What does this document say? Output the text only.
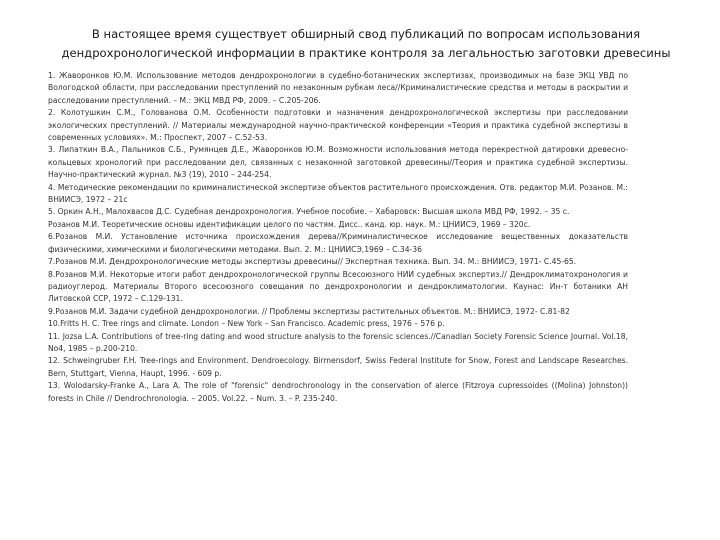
В настоящее время существует обширный свод публикаций по вопросам использования
дендрохронологической информации в практике контроля за легальностью заготовки древесины

1. Жаворонков Ю.М. Использование методов дендрохронологии в судебно-ботанических экспертизах, производимых на базе ЭКЦ УВД по Вологодской области, при расследовании преступлений по незаконным рубкам леса//Криминалистические средства и методы в раскрытии и расследовании преступлений. – М.: ЭКЦ МВД РФ, 2009. – С.205-206.

2. Колотушкин С.М., Голованова О.М. Особенности подготовки и назначения дендрохронологической экспертизы при расследовании экологических преступлений. // Материалы международной научно-практической конференции «Теория и практика судебной экспертизы в современных условиях». М.: Проспект, 2007 – С.52-53.

3. Липаткин В.А., Пальников С.Б., Румянцев Д.Е., Жаворонков Ю.М. Возможности использования метода перекрестной датировки древесно-кольцевых хронологий при расследовании дел, связанных с незаконной заготовкой древесины//Теория и практика судебной экспертизы. Научно-практический журнал. №3 (19), 2010 – 244-254.

4. Методические рекомендации по криминалистической экспертизе объектов растительного происхождения. Отв. редактор М.И. Розанов. М.: ВНИИСЭ, 1972 – 21с

5. Оркин А.Н., Малохвасов Д.С. Судебная дендрохронология. Учебное пособие. – Хабаровск: Высшая школа МВД РФ, 1992. – 35 с.

Розанов М.И. Теоретические основы идентификации целого по частям. Дисс.. канд. юр. наук. М.: ЦНИИСЭ, 1969 – 320с.

6.Розанов М.И. Установление источника происхождения дерева//Криминалистическое исследование вещественных доказательств физическими, химическими и биологическими методами. Вып. 2. М.: ЦНИИСЭ,1969 – С.34-36

7.Розанов М.И. Дендрохронологические методы экспертизы древесины// Экспертная техника. Вып. 34. М.: ВНИИСЭ, 1971- С.45-65.

8.Розанов М.И. Некоторые итоги работ дендрохронологической группы Всесоюзного НИИ судебных экспертиз.// Дендроклиматохронология и радиоуглерод. Материалы Второго всесоюзного совещания по дендрохронологии и дендроклиматологии. Каунас: Ин-т ботаники АН Литовской ССР, 1972 – С.129-131.

9.Розанов М.И. Задачи судебной дендрохронологии. // Проблемы экспертизы растительных объектов. М.: ВНИИСЭ, 1972- С.81-82

10.Fritts H. C. Tree rings and climate. London – New York – San Francisco. Academic press, 1976 – 576 p.

11. Jozsa L.A. Contributions of tree-ring dating and wood structure analysis to the forensic sciences.//Canadian Society Forensic Science Journal. Vol.18, No4, 1985 – p.200-210.

12. Schweingruber F.H. Tree-rings and Environment. Dendroecology. Birmensdorf, Swiss Federal Institute for Snow, Forest and Landscape Researches. Bern, Stuttgart, Vienna, Haupt, 1996. - 609 p.

13. Wolodarsky-Franke A., Lara A. The role of "forensic" dendrochronology in the conservation of alerce (Fitzroya cupressoides ((Molina) Johnston)) forests in Chile // Dendrochronologia. – 2005. Vol.22. – Num. 3. – P. 235-240.
